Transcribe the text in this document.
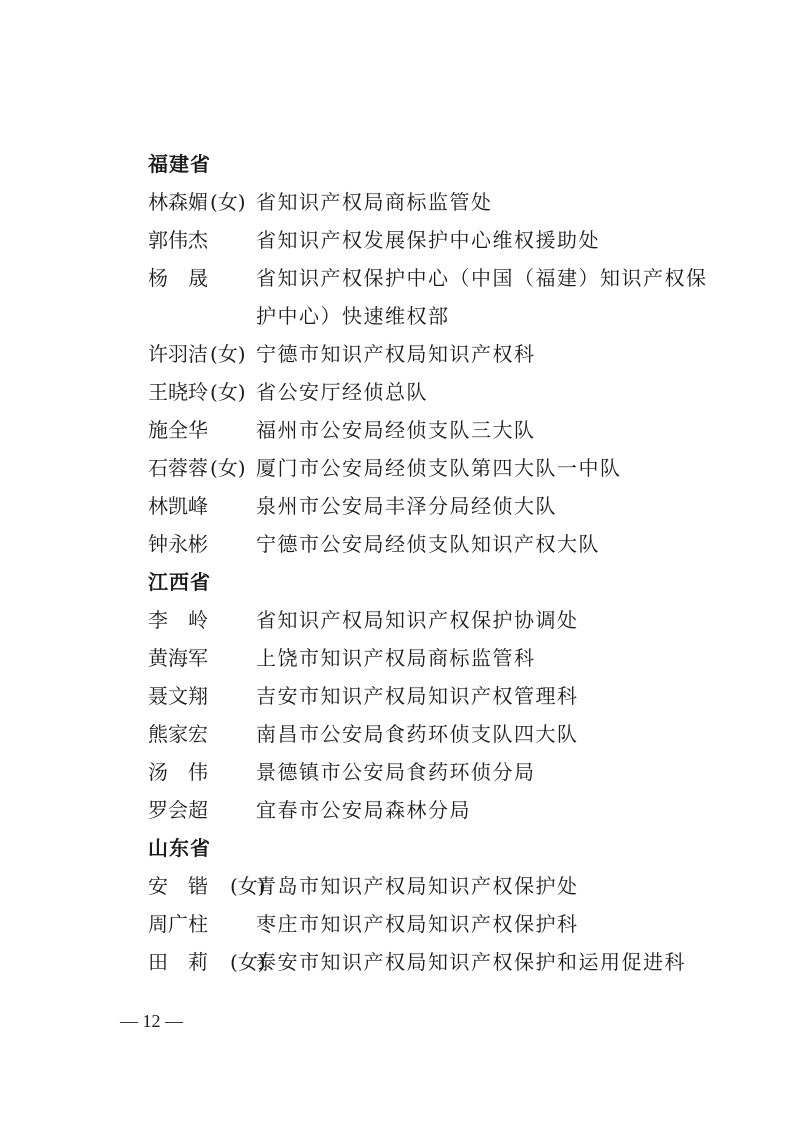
福建省
林森媚 (女) 省知识产权局商标监管处
郭伟杰 省知识产权发展保护中心维权援助处
杨晟 省知识产权保护中心（中国（福建）知识产权保护中心）快速维权部
许羽洁 (女) 宁德市知识产权局知识产权科
王晓玲 (女) 省公安厅经侦总队
施全华 福州市公安局经侦支队三大队
石蓉蓉 (女) 厦门市公安局经侦支队第四大队一中队
林凯峰 泉州市公安局丰泽分局经侦大队
钟永彬 宁德市公安局经侦支队知识产权大队
江西省
李岭 省知识产权局知识产权保护协调处
黄海军 上饶市知识产权局商标监管科
聂文翔 吉安市知识产权局知识产权管理科
熊家宏 南昌市公安局食药环侦支队四大队
汤伟 景德镇市公安局食药环侦分局
罗会超 宜春市公安局森林分局
山东省
安锴 (女)
青岛市知识产权局知识产权保护处
周广柱 枣庄市知识产权局知识产权保护科
田莉 (女)
泰安市知识产权局知识产权保护和运用促进科
— 12 —
